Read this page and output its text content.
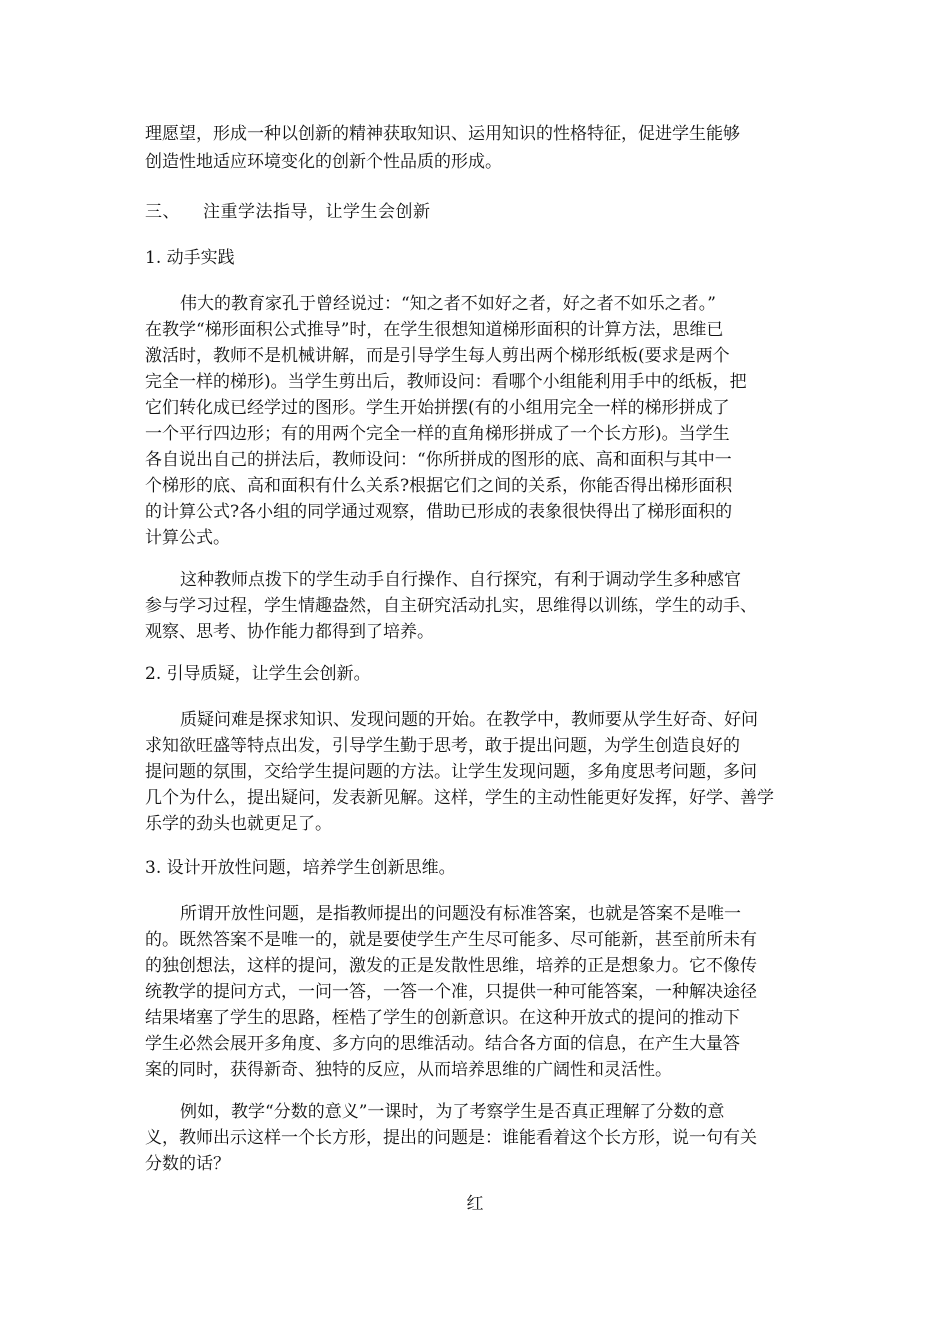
理愿望，形成一种以创新的精神获取知识、运用知识的性格特征，促进学生能够

创造性地适应环境变化的创新个性品质的形成。

三、 注重学法指导，让学生会创新

1. 动手实践

伟大的教育家孔于曾经说过：“知之者不如好之者，好之者不如乐之者。”

在教学“梯形面积公式推导”时，在学生很想知道梯形面积的计算方法，思维已

激活时，教师不是机械讲解，而是引导学生每人剪出两个梯形纸板(要求是两个

完全一样的梯形)。当学生剪出后，教师设问：看哪个小组能利用手中的纸板，把

它们转化成已经学过的图形。学生开始拼摆(有的小组用完全一样的梯形拼成了

一个平行四边形；有的用两个完全一样的直角梯形拼成了一个长方形)。当学生

各自说出自己的拼法后，教师设问：“你所拼成的图形的底、高和面积与其中一

个梯形的底、高和面积有什么关系?根据它们之间的关系，你能否得出梯形面积

的计算公式?各小组的同学通过观察，借助已形成的表象很快得出了梯形面积的

计算公式。

这种教师点拨下的学生动手自行操作、自行探究，有利于调动学生多种感官

参与学习过程，学生情趣盎然，自主研究活动扎实，思维得以训练，学生的动手、

观察、思考、协作能力都得到了培养。

2. 引导质疑，让学生会创新。

质疑问难是探求知识、发现问题的开始。在教学中，教师要从学生好奇、好问

求知欲旺盛等特点出发，引导学生勤于思考，敢于提出问题，为学生创造良好的

提问题的氛围，交给学生提问题的方法。让学生发现问题，多角度思考问题，多问

几个为什么，提出疑问，发表新见解。这样，学生的主动性能更好发挥，好学、善学

乐学的劲头也就更足了。

3. 设计开放性问题，培养学生创新思维。

所谓开放性问题，是指教师提出的问题没有标准答案，也就是答案不是唯一

的。既然答案不是唯一的，就是要使学生产生尽可能多、尽可能新，甚至前所未有

的独创想法，这样的提问，激发的正是发散性思维，培养的正是想象力。它不像传

统教学的提问方式，一问一答，一答一个准，只提供一种可能答案，一种解决途径

结果堵塞了学生的思路，桎梏了学生的创新意识。在这种开放式的提问的推动下

学生必然会展开多角度、多方向的思维活动。结合各方面的信息，在产生大量答

案的同时，获得新奇、独特的反应，从而培养思维的广阔性和灵活性。

例如，教学“分数的意义”一课时，为了考察学生是否真正理解了分数的意

义，教师出示这样一个长方形，提出的问题是：谁能看着这个长方形，说一句有关

分数的话？

红
